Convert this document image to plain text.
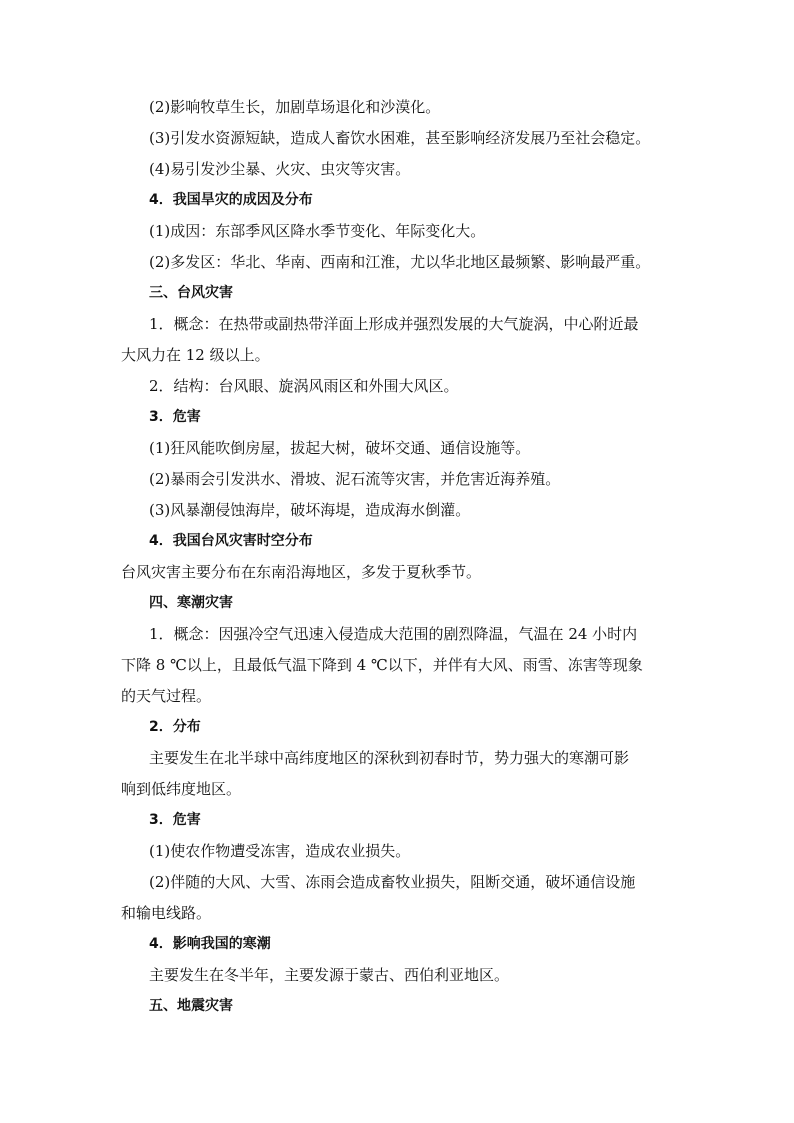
(2)影响牧草生长，加剧草场退化和沙漠化。

(3)引发水资源短缺，造成人畜饮水困难，甚至影响经济发展乃至社会稳定。

(4)易引发沙尘暴、火灾、虫灾等灾害。

4．我国旱灾的成因及分布

(1)成因：东部季风区降水季节变化、年际变化大。

(2)多发区：华北、华南、西南和江淮，尤以华北地区最频繁、影响最严重。

三、台风灾害

1．概念：在热带或副热带洋面上形成并强烈发展的大气旋涡，中心附近最

大风力在 12 级以上。

2．结构：台风眼、旋涡风雨区和外围大风区。

3．危害

(1)狂风能吹倒房屋，拔起大树，破坏交通、通信设施等。

(2)暴雨会引发洪水、滑坡、泥石流等灾害，并危害近海养殖。

(3)风暴潮侵蚀海岸，破坏海堤，造成海水倒灌。

4．我国台风灾害时空分布

台风灾害主要分布在东南沿海地区，多发于夏秋季节。

四、寒潮灾害

1．概念：因强冷空气迅速入侵造成大范围的剧烈降温，气温在 24 小时内

下降 8 ℃以上，且最低气温下降到 4 ℃以下，并伴有大风、雨雪、冻害等现象

的天气过程。

2．分布

主要发生在北半球中高纬度地区的深秋到初春时节，势力强大的寒潮可影

响到低纬度地区。

3．危害

(1)使农作物遭受冻害，造成农业损失。

(2)伴随的大风、大雪、冻雨会造成畜牧业损失，阻断交通，破坏通信设施

和输电线路。

4．影响我国的寒潮

主要发生在冬半年，主要发源于蒙古、西伯利亚地区。

五、地震灾害
